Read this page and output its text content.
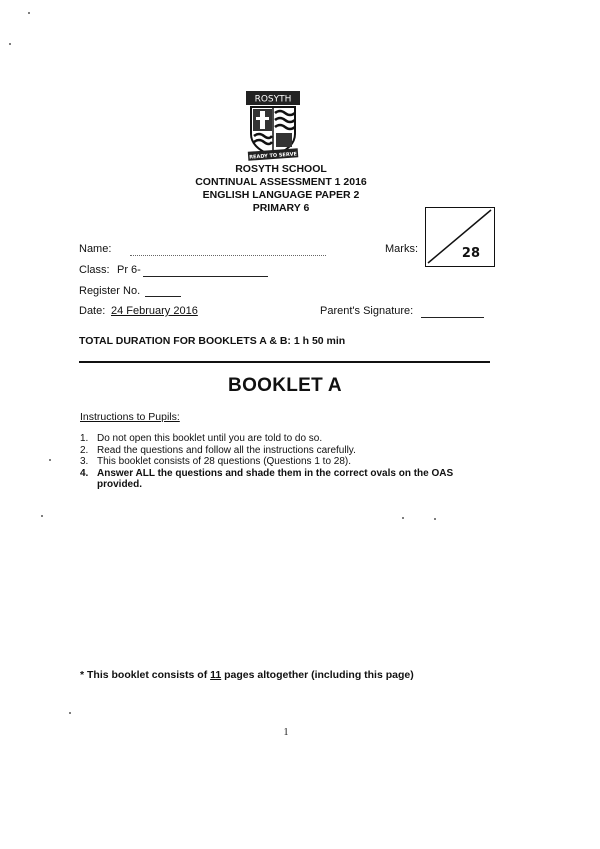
ROSYTH
READY TO SERVE
ROSYTH SCHOOL
CONTINUAL ASSESSMENT 1 2016
ENGLISH LANGUAGE PAPER 2
PRIMARY 6
Name:	Marks:	28
Class: Pr 6-
Register No.
Date: 24 February 2016	Parent's Signature:
TOTAL DURATION FOR BOOKLETS A & B: 1 h 50 min
BOOKLET A
Instructions to Pupils:
1. Do not open this booklet until you are told to do so.
2. Read the questions and follow all the instructions carefully.
3. This booklet consists of 28 questions (Questions 1 to 28).
4. Answer ALL the questions and shade them in the correct ovals on the OAS provided.
* This booklet consists of 11 pages altogether (including this page)
1
